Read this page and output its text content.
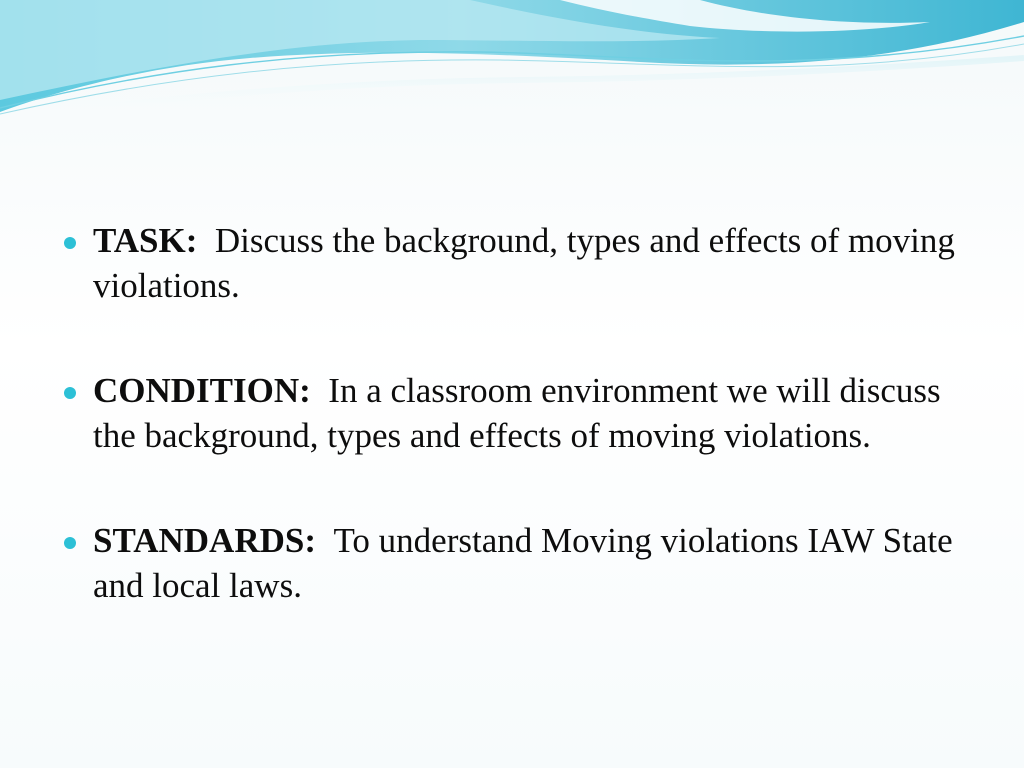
TASK: Discuss the background, types and effects of moving violations.
CONDITION: In a classroom environment we will discuss the background, types and effects of moving violations.
STANDARDS: To understand Moving violations IAW State and local laws.
